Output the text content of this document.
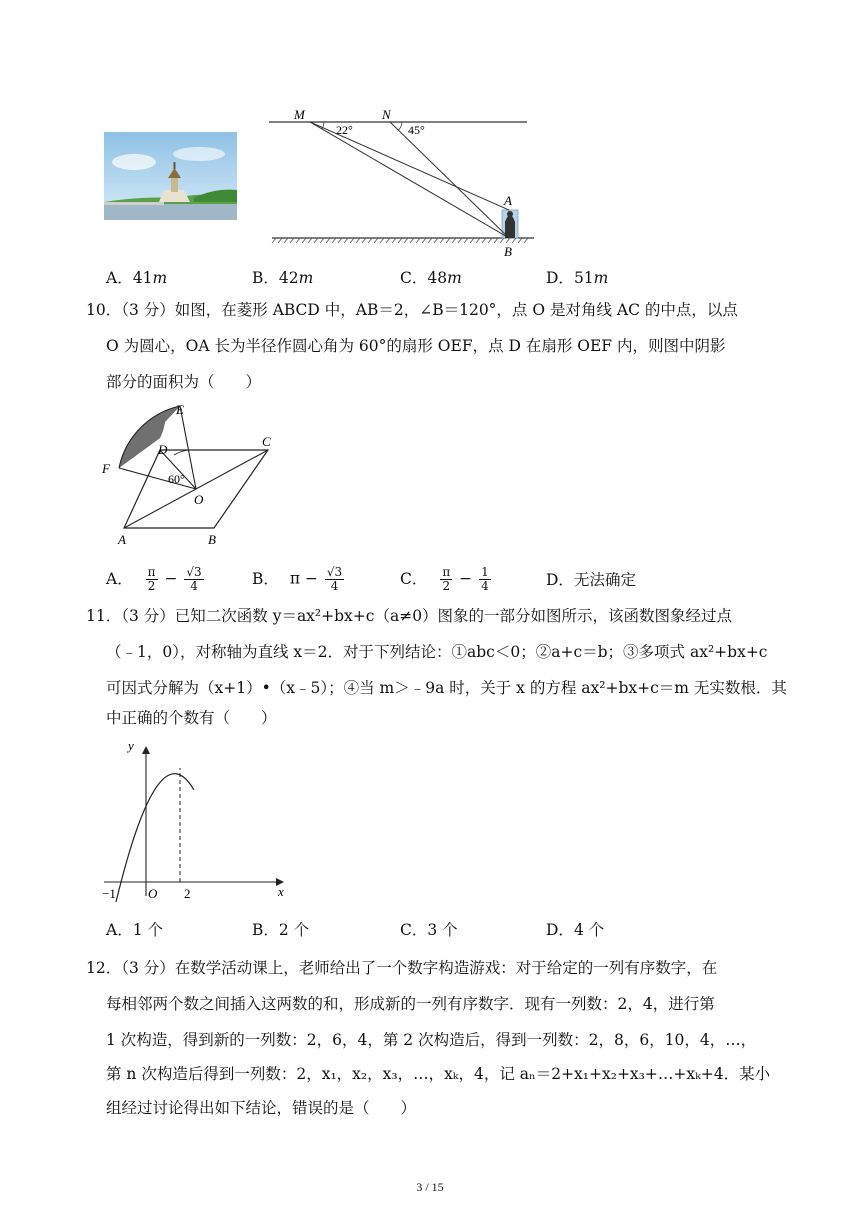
M	N
22°	45°
A
B
A．41m	B．42m	C．48m	D．51m
10．（3 分）如图，在菱形 ABCD 中，AB＝2，∠B＝120°，点 O 是对角线 AC 的中点，以点
O 为圆心，OA 长为半径作圆心角为 60°的扇形 OEF，点 D 在扇形 OEF 内，则图中阴影
部分的面积为（　　）
E
D
C
F
O
A	B
60°
A． $\frac{\pi}{2} - \frac{√3}{4}$	B． $\pi - \frac{√3}{4}$	C． $\frac{\pi}{2} - \frac{1}{4}$	D．无法确定
11．（3 分）已知二次函数 y＝ax²+bx+c（a≠0）图象的一部分如图所示，该函数图象经过点
（﹣1，0），对称轴为直线 x＝2．对于下列结论：①abc＜0；②a+c＝b；③多项式 ax²+bx+c
可因式分解为（x+1）•（x﹣5）；④当 m＞﹣9a 时，关于 x 的方程 ax²+bx+c＝m 无实数根．其
中正确的个数有（　　）
y
x
O
−1	2
A．1 个	B．2 个	C．3 个	D．4 个
12．（3 分）在数学活动课上，老师给出了一个数字构造游戏：对于给定的一列有序数字，在
每相邻两个数之间插入这两数的和，形成新的一列有序数字．现有一列数：2，4，进行第
1 次构造，得到新的一列数：2，6，4，第 2 次构造后，得到一列数：2，8，6，10，4，…，
第 n 次构造后得到一列数：2，x₁，x₂，x₃，…，xₖ，4，记 aₙ＝2+x₁+x₂+x₃+…+xₖ+4．某小
组经过讨论得出如下结论，错误的是（　　）
3 / 15
